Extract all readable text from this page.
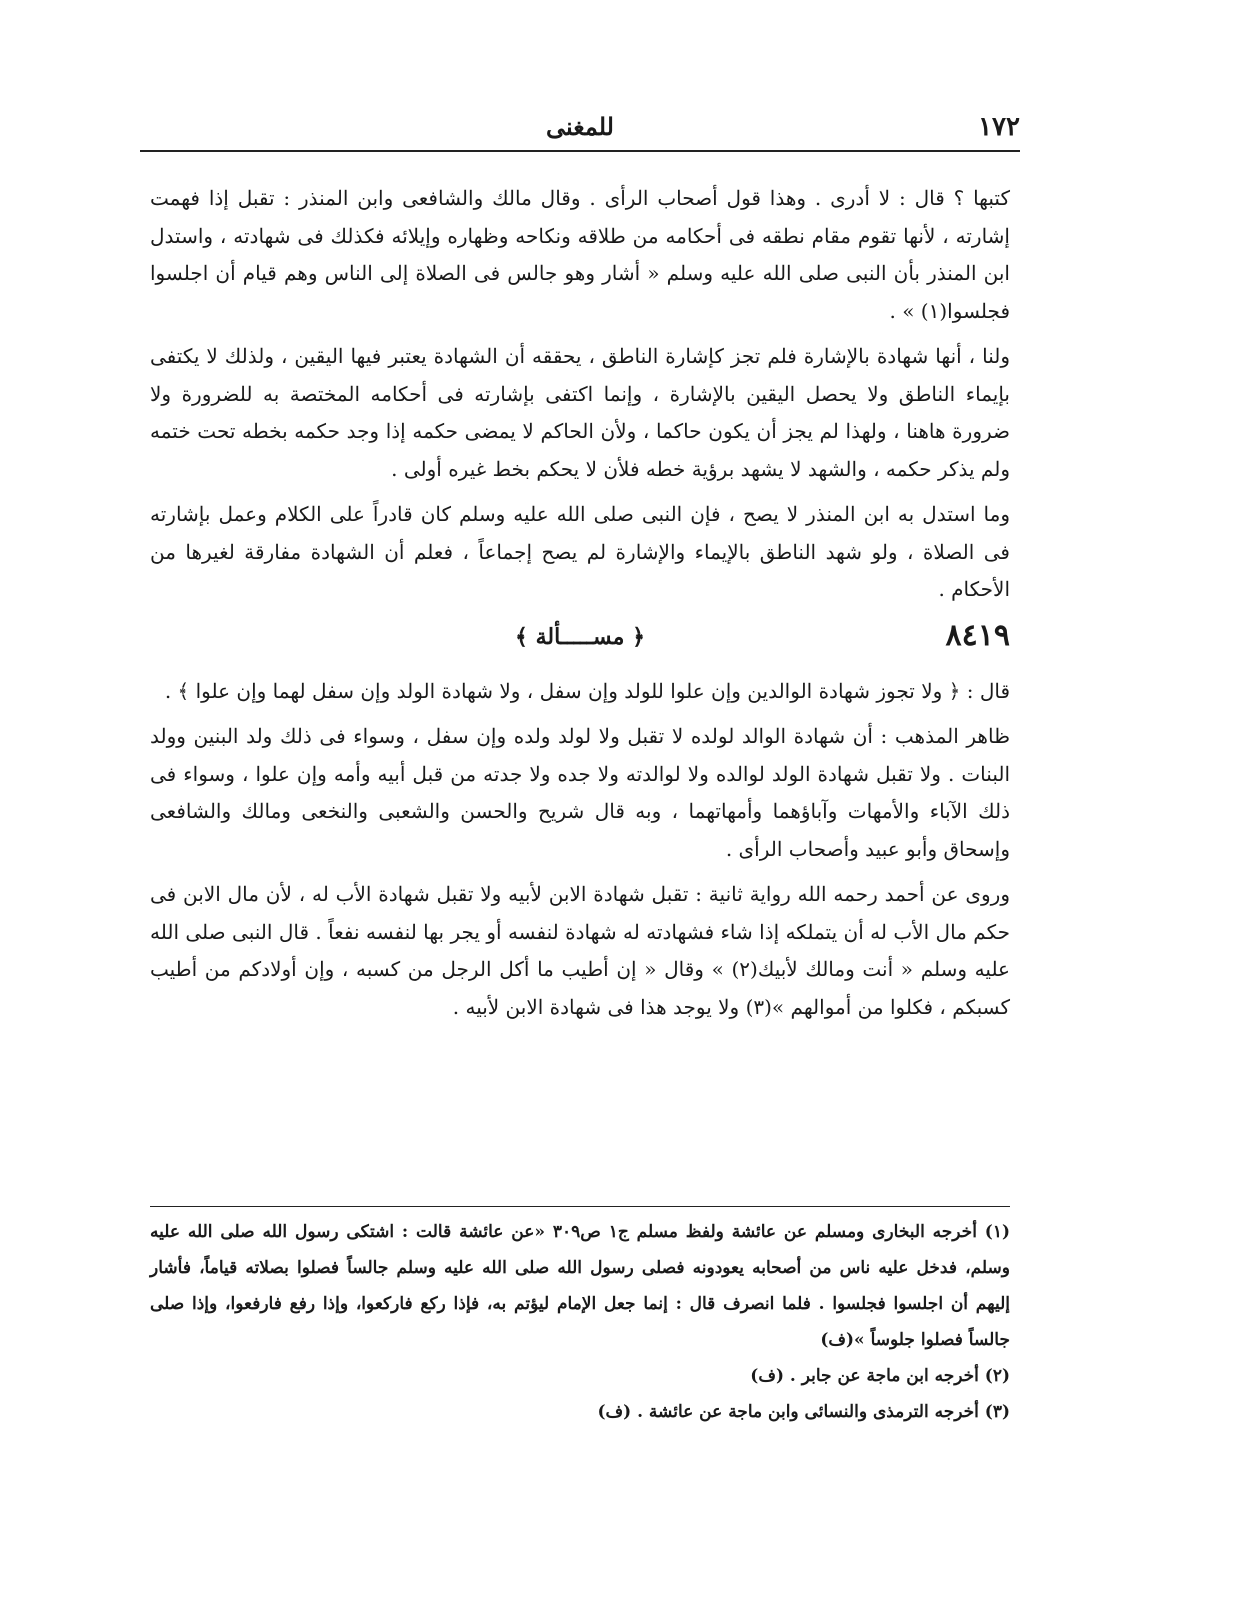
للمغنى	١٧٢

كتبها ؟ قال : لا أدرى . وهذا قول أصحاب الرأى . وقال مالك والشافعى وابن المنذر : تقبل إذا فهمت إشارته ، لأنها تقوم مقام نطقه فى أحكامه من طلاقه ونكاحه وظهاره وإيلائه فكذلك فى شهادته ، واستدل ابن المنذر بأن النبى صلى الله عليه وسلم « أشار وهو جالس فى الصلاة إلى الناس وهم قيام أن اجلسوا فجلسوا(١) » .

ولنا ، أنها شهادة بالإشارة فلم تجز كإشارة الناطق ، يحققه أن الشهادة يعتبر فيها اليقين ، ولذلك لا يكتفى بإيماء الناطق ولا يحصل اليقين بالإشارة ، وإنما اكتفى بإشارته فى أحكامه المختصة به للضرورة ولا ضرورة هاهنا ، ولهذا لم يجز أن يكون حاكما ، ولأن الحاكم لا يمضى حكمه إذا وجد حكمه بخطه تحت ختمه ولم يذكر حكمه ، والشهد لا يشهد برؤية خطه فلأن لا يحكم بخط غيره أولى .

وما استدل به ابن المنذر لا يصح ، فإن النبى صلى الله عليه وسلم كان قادراً على الكلام وعمل بإشارته فى الصلاة ، ولو شهد الناطق بالإيماء والإشارة لم يصح إجماعاً ، فعلم أن الشهادة مفارقة لغيرها من الأحكام .

٨٤١٩
﴿ مســـــألة ﴾

قال : ﴿ ولا تجوز شهادة الوالدين وإن علوا للولد وإن سفل ، ولا شهادة الولد وإن سفل لهما وإن علوا ﴾ .

ظاهر المذهب : أن شهادة الوالد لولده لا تقبل ولا لولد ولده وإن سفل ، وسواء فى ذلك ولد البنين وولد البنات . ولا تقبل شهادة الولد لوالده ولا لوالدته ولا جده ولا جدته من قبل أبيه وأمه وإن علوا ، وسواء فى ذلك الآباء والأمهات وآباؤهما وأمهاتهما ، وبه قال شريح والحسن والشعبى والنخعى ومالك والشافعى وإسحاق وأبو عبيد وأصحاب الرأى .

وروى عن أحمد رحمه الله رواية ثانية : تقبل شهادة الابن لأبيه ولا تقبل شهادة الأب له ، لأن مال الابن فى حكم مال الأب له أن يتملكه إذا شاء فشهادته له شهادة لنفسه أو يجر بها لنفسه نفعاً . قال النبى صلى الله عليه وسلم « أنت ومالك لأبيك(٢) » وقال « إن أطيب ما أكل الرجل من كسبه ، وإن أولادكم من أطيب كسبكم ، فكلوا من أموالهم »(٣) ولا يوجد هذا فى شهادة الابن لأبيه .

(١) أخرجه البخارى ومسلم عن عائشة ولفظ مسلم ج١ ص٣٠٩ «عن عائشة قالت : اشتكى رسول الله صلى الله عليه وسلم، فدخل عليه ناس من أصحابه يعودونه فصلى رسول الله صلى الله عليه وسلم جالساً فصلوا بصلاته قياماً، فأشار إليهم أن اجلسوا فجلسوا . فلما انصرف قال : إنما جعل الإمام ليؤتم به، فإذا ركع فاركعوا، وإذا رفع فارفعوا، وإذا صلى جالساً فصلوا جلوساً »(ف)

(٢) أخرجه ابن ماجة عن جابر . (ف)

(٣) أخرجه الترمذى والنسائى وابن ماجة عن عائشة . (ف)
